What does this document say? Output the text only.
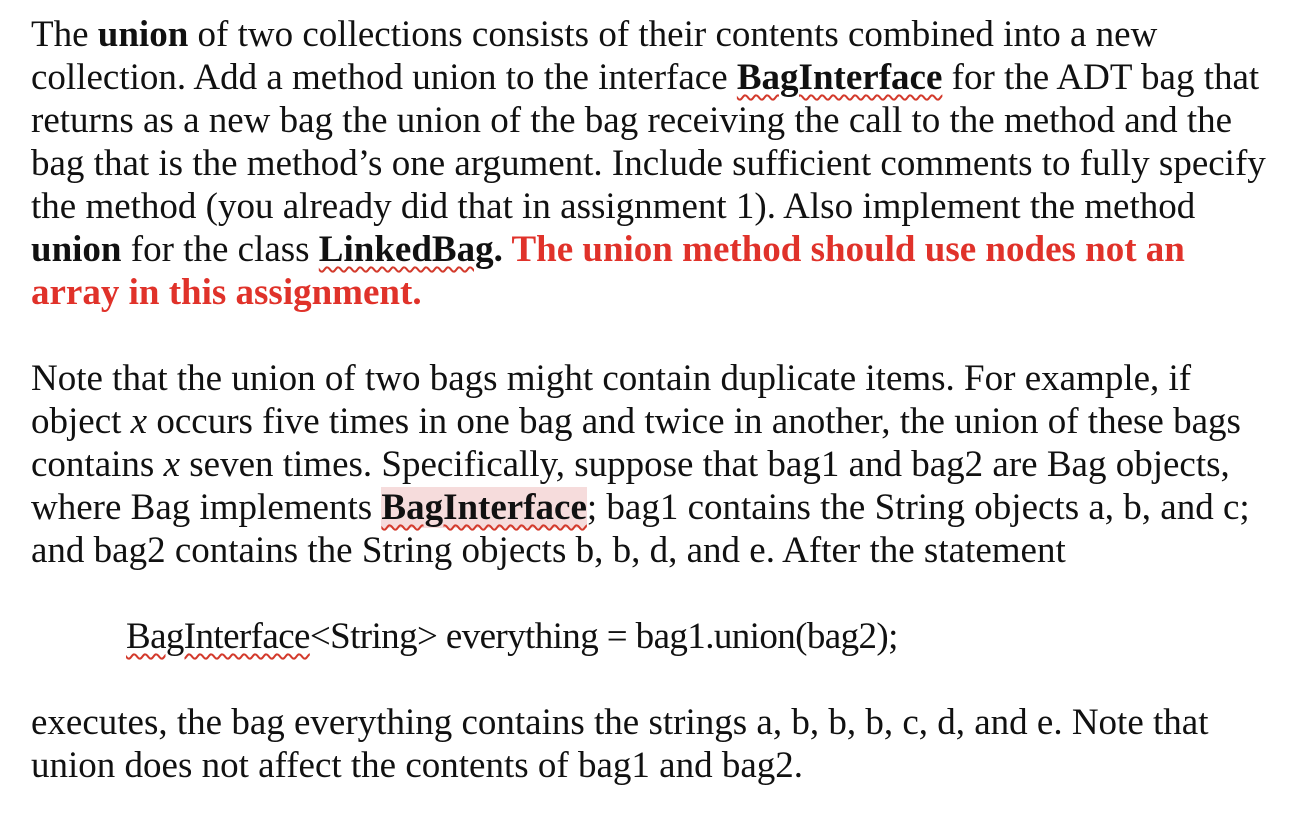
The union of two collections consists of their contents combined into a new collection. Add a method union to the interface BagInterface for the ADT bag that returns as a new bag the union of the bag receiving the call to the method and the bag that is the method’s one argument. Include sufficient comments to fully specify the method (you already did that in assignment 1). Also implement the method union for the class LinkedBag. The union method should use nodes not an array in this assignment.

Note that the union of two bags might contain duplicate items. For example, if object x occurs five times in one bag and twice in another, the union of these bags contains x seven times. Specifically, suppose that bag1 and bag2 are Bag objects, where Bag implements BagInterface; bag1 contains the String objects a, b, and c; and bag2 contains the String objects b, b, d, and e. After the statement

BagInterface<String> everything = bag1.union(bag2);

executes, the bag everything contains the strings a, b, b, b, c, d, and e. Note that union does not affect the contents of bag1 and bag2.
